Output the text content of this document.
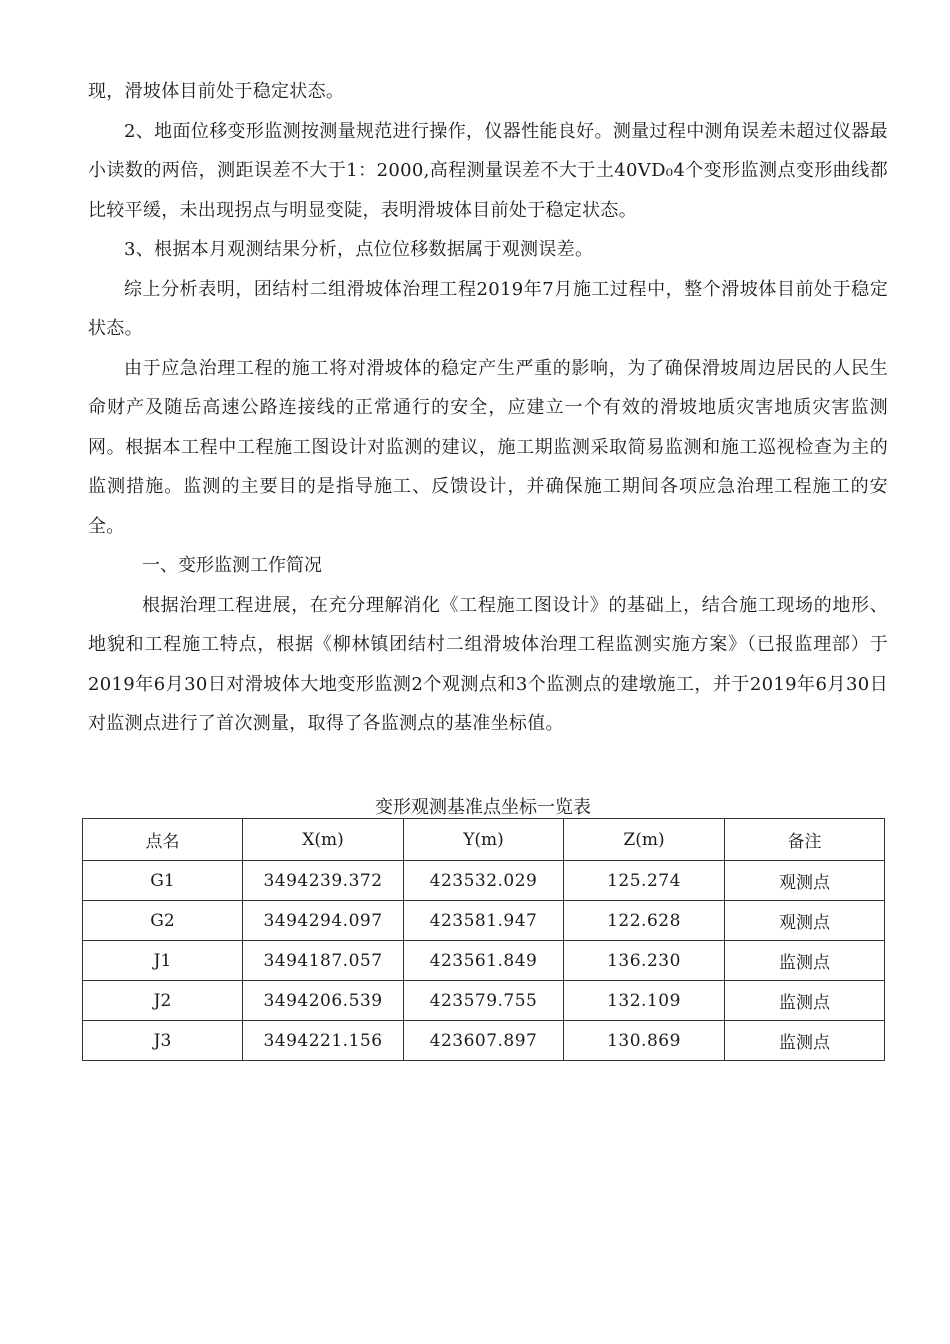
现，滑坡体目前处于稳定状态。

2、地面位移变形监测按测量规范进行操作，仪器性能良好。测量过程中测角误差未超过仪器最小读数的两倍，测距误差不大于1：2000,高程测量误差不大于土40VD₀4个变形监测点变形曲线都比较平缓，未出现拐点与明显变陡，表明滑坡体目前处于稳定状态。

3、根据本月观测结果分析，点位位移数据属于观测误差。

综上分析表明，团结村二组滑坡体治理工程2019年7月施工过程中，整个滑坡体目前处于稳定状态。

由于应急治理工程的施工将对滑坡体的稳定产生严重的影响，为了确保滑坡周边居民的人民生命财产及随岳高速公路连接线的正常通行的安全，应建立一个有效的滑坡地质灾害地质灾害监测网。根据本工程中工程施工图设计对监测的建议，施工期监测采取简易监测和施工巡视检查为主的监测措施。监测的主要目的是指导施工、反馈设计，并确保施工期间各项应急治理工程施工的安全。

一、变形监测工作简况

根据治理工程进展，在充分理解消化《工程施工图设计》的基础上，结合施工现场的地形、地貌和工程施工特点，根据《柳林镇团结村二组滑坡体治理工程监测实施方案》（已报监理部）于2019年6月30日对滑坡体大地变形监测2个观测点和3个监测点的建墩施工，并于2019年6月30日对监测点进行了首次测量，取得了各监测点的基准坐标值。

变形观测基准点坐标一览表
点名	X(m)	Y(m)	Z(m)	备注
G1	3494239.372	423532.029	125.274	观测点
G2	3494294.097	423581.947	122.628	观测点
J1	3494187.057	423561.849	136.230	监测点
J2	3494206.539	423579.755	132.109	监测点
J3	3494221.156	423607.897	130.869	监测点
